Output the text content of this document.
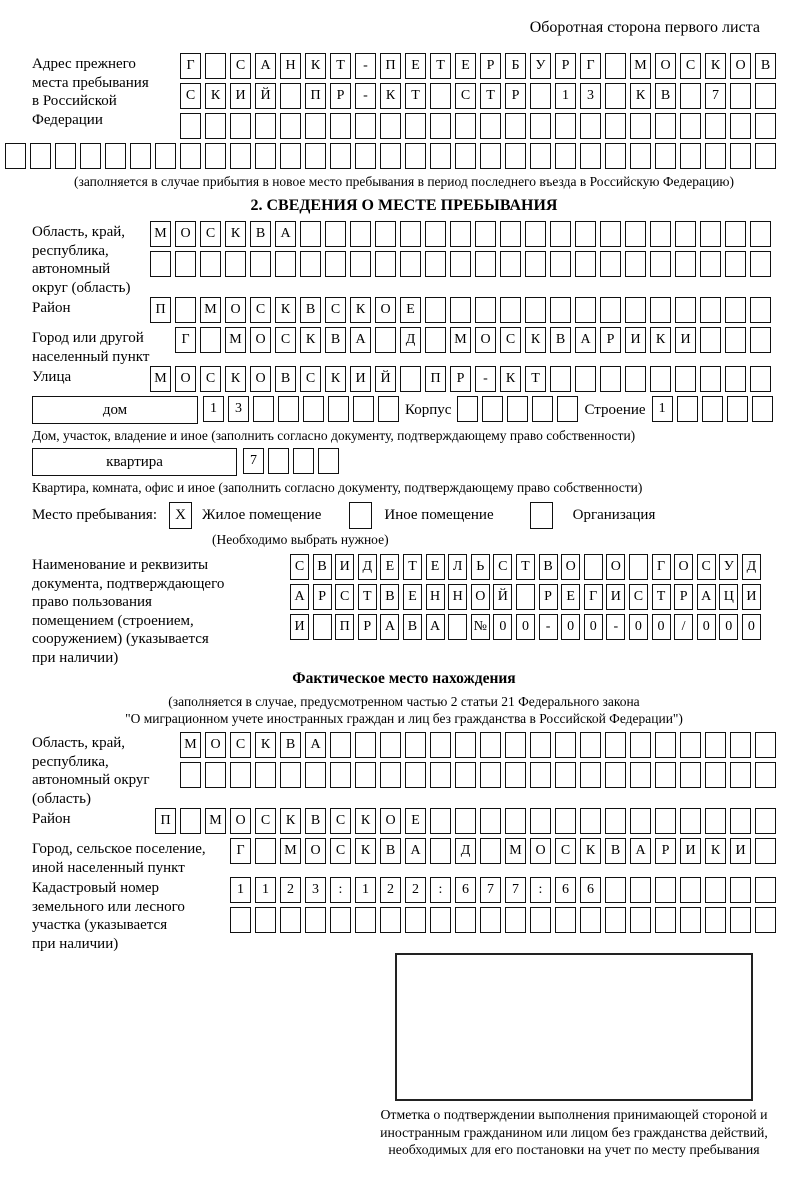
Оборотная сторона первого листа
Адрес прежнего
места пребывания
в Российской
Федерации
Г	С	А	Н	К	Т	-	П	Е	Т	Е	Р	Б	У	Р	Г	М О	С	К	О	В
С	К	И	Й	П	Р	-	К	Т	С	Т	Р	1	3	К	В	7
(заполняется в случае прибытия в новое место пребывания в период последнего въезда в Российскую Федерацию)
2. СВЕДЕНИЯ О МЕСТЕ ПРЕБЫВАНИЯ
Область, край,
республика,
автономный
округ (область)
М О	С	К	В	А
Район	П	М О	С	К	В	С	К	О	Е
Город или другой
населенный пункт
Г	М О	С	К	В	А	Д	М О	С	К	В	А	Р	И	К	И
Улица	М О	С	К	О	В	С	К	И	Й	П	Р	-	К	Т
дом	1	3	Корпус	Строение 1
Дом, участок, владение и иное (заполнить согласно документу, подтверждающему право собственности)
квартира	7
Квартира, комната, офис и иное (заполнить согласно документу, подтверждающему право собственности)
Место пребывания:	X	Жилое помещение	Иное помещение	Организация
(Необходимо выбрать нужное)
Наименование и реквизиты
документа, подтверждающего
право пользования
помещением (строением,
сооружением) (указывается
при наличии)
С В И Д Е	Т	Е Л Ь С Т В О	О	Г О С У Д
А Р	С Т В Е Н Н О Й	Р	Е	Г И С Т	Р А Ц И
И	П Р А В А	№ 0	0	-	0	0	-	0	0	/	0	0	0
Фактическое место нахождения
(заполняется в случае, предусмотренном частью 2 статьи 21 Федерального закона
"О миграционном учете иностранных граждан и лиц без гражданства в Российской Федерации")
Область, край,
республика,
автономный округ
(область)
М О	С	К	В	А
Район	П	М О	С	К	В	С	К	О	Е
Город, сельское поселение,
иной населенный пункт
Г	М О	С	К	В	А	Д	М О	С	К	В	А	Р	И	К	И
Кадастровый номер
земельного или лесного
участка (указывается
при наличии)
1	1	2	3	:	1	2	2	:	6	7	7	:	6	6
Отметка о подтверждении выполнения принимающей стороной и иностранным гражданином или лицом без гражданства действий, необходимых для его постановки на учет по месту пребывания
